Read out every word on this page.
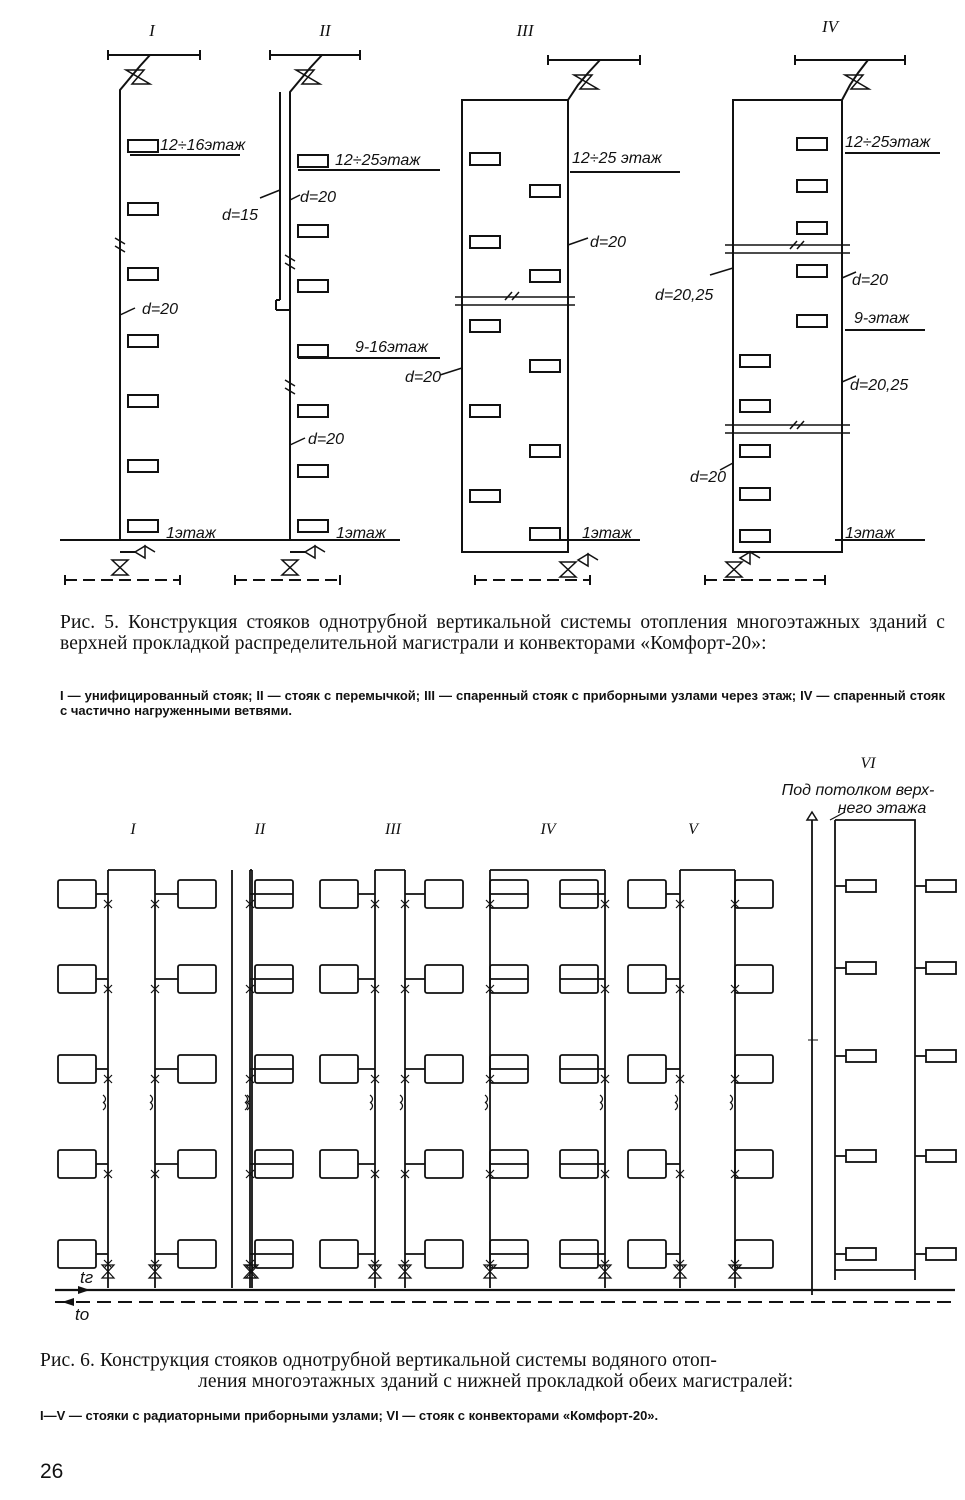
I	II	III	IV
12÷16этаж
d=20
1этаж
12÷25этаж
d=15
d=20
9-16этаж
d=20
1этаж
12÷25 этаж
d=20
d=20
1этаж
12÷25этаж
d=20,25
d=20
9-этаж
d=20,25
d=20
1этаж
Рис. 5. Конструкция стояков однотрубной вертикальной системы отопления многоэтажных зданий с верхней прокладкой распределительной магистрали и конвекторами «Комфорт-20»:
I — унифицированный стояк; II — стояк с перемычкой; III — спаренный стояк с приборными узлами через этаж; IV — спаренный стояк с частично нагруженными ветвями.
VI
Под потолком верх-
него этажа
I	II	III	IV	V
tг
tо
Рис. 6. Конструкция стояков однотрубной вертикальной системы водяного отоп-
ления многоэтажных зданий с нижней прокладкой обеих магистралей:
I—V — стояки с радиаторными приборными узлами; VI — стояк с конвекторами «Комфорт-20».
26
